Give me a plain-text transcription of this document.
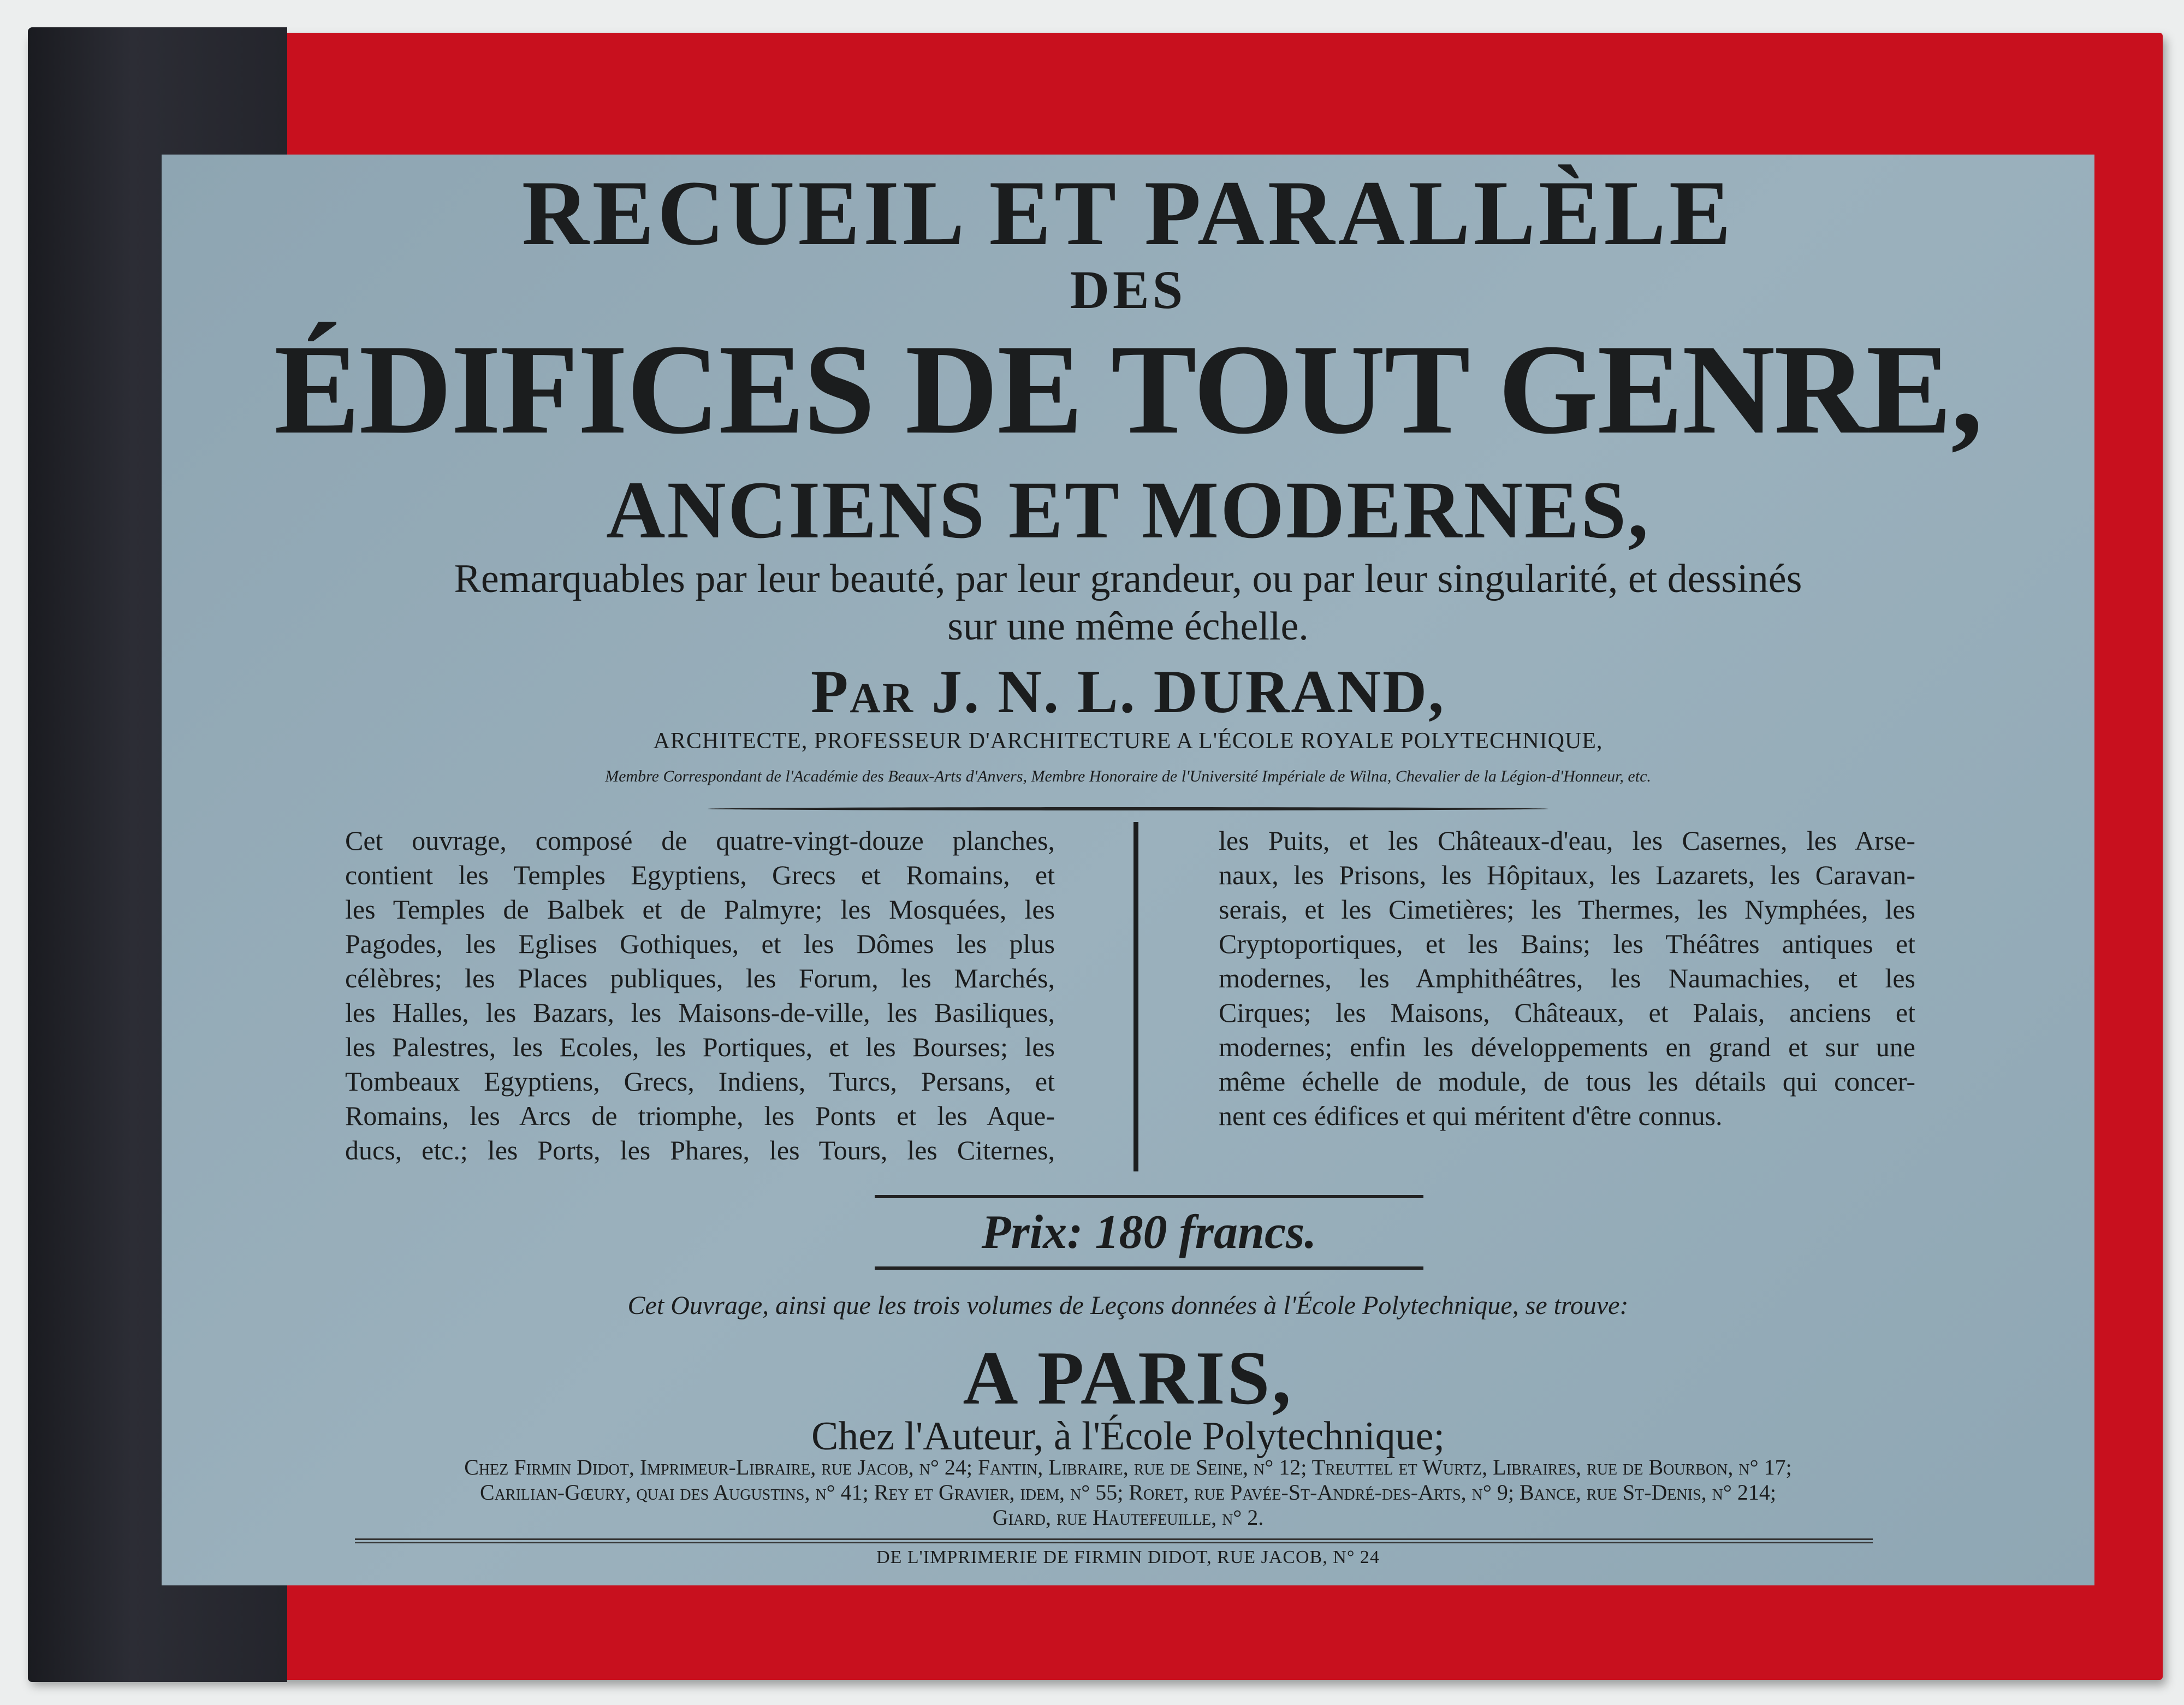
RECUEIL ET PARALLÈLE
DES
ÉDIFICES DE TOUT GENRE,
ANCIENS ET MODERNES,
Remarquables par leur beauté, par leur grandeur, ou par leur singularité, et dessinés
sur une même échelle.
Par J. N. L. DURAND,
ARCHITECTE, PROFESSEUR D'ARCHITECTURE A L'ÉCOLE ROYALE POLYTECHNIQUE,
Membre Correspondant de l'Académie des Beaux-Arts d'Anvers, Membre Honoraire de l'Université Impériale de Wilna, Chevalier de la Légion-d'Honneur, etc.
Cet ouvrage, composé de quatre-vingt-douze planches,
contient les Temples Egyptiens, Grecs et Romains, et
les Temples de Balbek et de Palmyre; les Mosquées, les
Pagodes, les Eglises Gothiques, et les Dômes les plus
célèbres; les Places publiques, les Forum, les Marchés,
les Halles, les Bazars, les Maisons-de-ville, les Basiliques,
les Palestres, les Ecoles, les Portiques, et les Bourses; les
Tombeaux Egyptiens, Grecs, Indiens, Turcs, Persans, et
Romains, les Arcs de triomphe, les Ponts et les Aque-
ducs, etc.; les Ports, les Phares, les Tours, les Citernes,
les Puits, et les Châteaux-d'eau, les Casernes, les Arse-
naux, les Prisons, les Hôpitaux, les Lazarets, les Caravan-
serais, et les Cimetières; les Thermes, les Nymphées, les
Cryptoportiques, et les Bains; les Théâtres antiques et
modernes, les Amphithéâtres, les Naumachies, et les
Cirques; les Maisons, Châteaux, et Palais, anciens et
modernes; enfin les développements en grand et sur une
même échelle de module, de tous les détails qui concer-
nent ces édifices et qui méritent d'être connus.
Prix: 180 francs.
Cet Ouvrage, ainsi que les trois volumes de Leçons données à l'École Polytechnique, se trouve:
A PARIS,
Chez l'Auteur, à l'École Polytechnique;
Chez Firmin Didot, Imprimeur-Libraire, rue Jacob, n° 24; Fantin, Libraire, rue de Seine, n° 12; Treuttel et Wurtz, Libraires, rue de Bourbon, n° 17;
Carilian-Gœury, quai des Augustins, n° 41; Rey et Gravier, idem, n° 55; Roret, rue Pavée-St-André-des-Arts, n° 9; Bance, rue St-Denis, n° 214;
Giard, rue Hautefeuille, n° 2.
DE L'IMPRIMERIE DE FIRMIN DIDOT, RUE JACOB, N° 24
